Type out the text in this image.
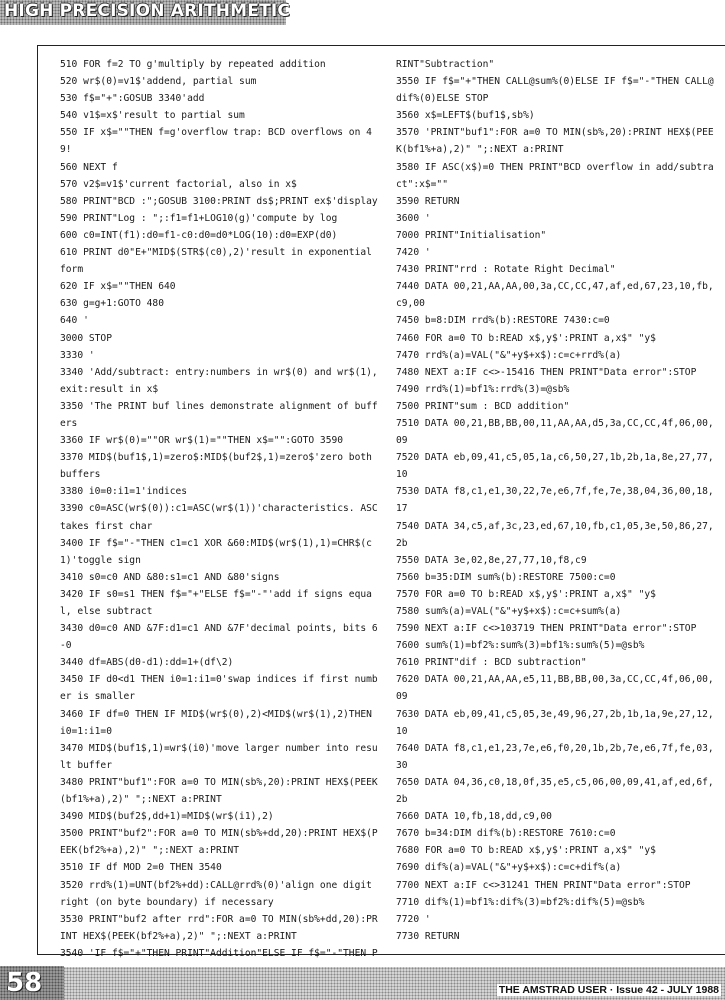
HIGH PRECISION ARITHMETIC
510 FOR f=2 TO g'multiply by repeated addition
520 wr$(0)=v1$'addend, partial sum
530 f$="+":GOSUB 3340'add
540 v1$=x$'result to partial sum
550 IF x$=""THEN f=g'overflow trap: BCD overflows on 49!
560 NEXT f
570 v2$=v1$'current factorial, also in x$
580 PRINT"BCD :";GOSUB 3100:PRINT ds$;PRINT ex$'display
590 PRINT"Log : ";:f1=f1+LOG10(g)'compute by log
600 c0=INT(f1):d0=f1-c0:d0=d0*LOG(10):d0=EXP(d0)
610 PRINT d0"E+"MID$(STR$(c0),2)'result in exponential form
620 IF x$=""THEN 640
630 g=g+1:GOTO 480
640 '
3000 STOP
3330 '
3340 'Add/subtract: entry:numbers in wr$(0) and wr$(1), exit:result in x$
3350 'The PRINT buf lines demonstrate alignment of buffers
3360 IF wr$(0)=""OR wr$(1)=""THEN x$="":GOTO 3590
3370 MID$(buf1$,1)=zero$:MID$(buf2$,1)=zero$'zero both buffers
3380 i0=0:i1=1'indices
3390 c0=ASC(wr$(0)):c1=ASC(wr$(1))'characteristics. ASC takes first char
3400 IF f$="-"THEN c1=c1 XOR &60:MID$(wr$(1),1)=CHR$(c1)'toggle sign
3410 s0=c0 AND &80:s1=c1 AND &80'signs
3420 IF s0=s1 THEN f$="+"ELSE f$="-"'add if signs equal, else subtract
3430 d0=c0 AND &7F:d1=c1 AND &7F'decimal points, bits 6-0
3440 df=ABS(d0-d1):dd=1+(df\2)
3450 IF d0<d1 THEN i0=1:i1=0'swap indices if first number is smaller
3460 IF df=0 THEN IF MID$(wr$(0),2)<MID$(wr$(1),2)THEN i0=1:i1=0
3470 MID$(buf1$,1)=wr$(i0)'move larger number into result buffer
3480 PRINT"buf1":FOR a=0 TO MIN(sb%,20):PRINT HEX$(PEEK(bf1%+a),2)" ";:NEXT a:PRINT
3490 MID$(buf2$,dd+1)=MID$(wr$(i1),2)
3500 PRINT"buf2":FOR a=0 TO MIN(sb%+dd,20):PRINT HEX$(PEEK(bf2%+a),2)" ";:NEXT a:PRINT
3510 IF df MOD 2=0 THEN 3540
3520 rrd%(1)=UNT(bf2%+dd):CALL@rrd%(0)'align one digit right (on byte boundary) if necessary
3530 PRINT"buf2 after rrd":FOR a=0 TO MIN(sb%+dd,20):PRINT HEX$(PEEK(bf2%+a),2)" ";:NEXT a:PRINT
3540 'IF f$="+"THEN PRINT"Addition"ELSE IF f$="-"THEN P
RINT"Subtraction"
3550 IF f$="+"THEN CALL@sum%(0)ELSE IF f$="-"THEN CALL@dif%(0)ELSE STOP
3560 x$=LEFT$(buf1$,sb%)
3570 'PRINT"buf1":FOR a=0 TO MIN(sb%,20):PRINT HEX$(PEEK(bf1%+a),2)" ";:NEXT a:PRINT
3580 IF ASC(x$)=0 THEN PRINT"BCD overflow in add/subtract":x$=""
3590 RETURN
3600 '
7000 PRINT"Initialisation"
7420 '
7430 PRINT"rrd : Rotate Right Decimal"
7440 DATA 00,21,AA,AA,00,3a,CC,CC,47,af,ed,67,23,10,fb,c9,00
7450 b=8:DIM rrd%(b):RESTORE 7430:c=0
7460 FOR a=0 TO b:READ x$,y$':PRINT a,x$" "y$
7470 rrd%(a)=VAL("&"+y$+x$):c=c+rrd%(a)
7480 NEXT a:IF c<>-15416 THEN PRINT"Data error":STOP
7490 rrd%(1)=bf1%:rrd%(3)=@sb%
7500 PRINT"sum : BCD addition"
7510 DATA 00,21,BB,BB,00,11,AA,AA,d5,3a,CC,CC,4f,06,00,09
7520 DATA eb,09,41,c5,05,1a,c6,50,27,1b,2b,1a,8e,27,77,10
7530 DATA f8,c1,e1,30,22,7e,e6,7f,fe,7e,38,04,36,00,18,17
7540 DATA 34,c5,af,3c,23,ed,67,10,fb,c1,05,3e,50,86,27,2b
7550 DATA 3e,02,8e,27,77,10,f8,c9
7560 b=35:DIM sum%(b):RESTORE 7500:c=0
7570 FOR a=0 TO b:READ x$,y$':PRINT a,x$" "y$
7580 sum%(a)=VAL("&"+y$+x$):c=c+sum%(a)
7590 NEXT a:IF c<>103719 THEN PRINT"Data error":STOP
7600 sum%(1)=bf2%:sum%(3)=bf1%:sum%(5)=@sb%
7610 PRINT"dif : BCD subtraction"
7620 DATA 00,21,AA,AA,e5,11,BB,BB,00,3a,CC,CC,4f,06,00,09
7630 DATA eb,09,41,c5,05,3e,49,96,27,2b,1b,1a,9e,27,12,10
7640 DATA f8,c1,e1,23,7e,e6,f0,20,1b,2b,7e,e6,7f,fe,03,30
7650 DATA 04,36,c0,18,0f,35,e5,c5,06,00,09,41,af,ed,6f,2b
7660 DATA 10,fb,18,dd,c9,00
7670 b=34:DIM dif%(b):RESTORE 7610:c=0
7680 FOR a=0 TO b:READ x$,y$':PRINT a,x$" "y$
7690 dif%(a)=VAL("&"+y$+x$):c=c+dif%(a)
7700 NEXT a:IF c<>31241 THEN PRINT"Data error":STOP
7710 dif%(1)=bf1%:dif%(3)=bf2%:dif%(5)=@sb%
7720 '
7730 RETURN
58	THE AMSTRAD USER · Issue 42 - JULY 1988
